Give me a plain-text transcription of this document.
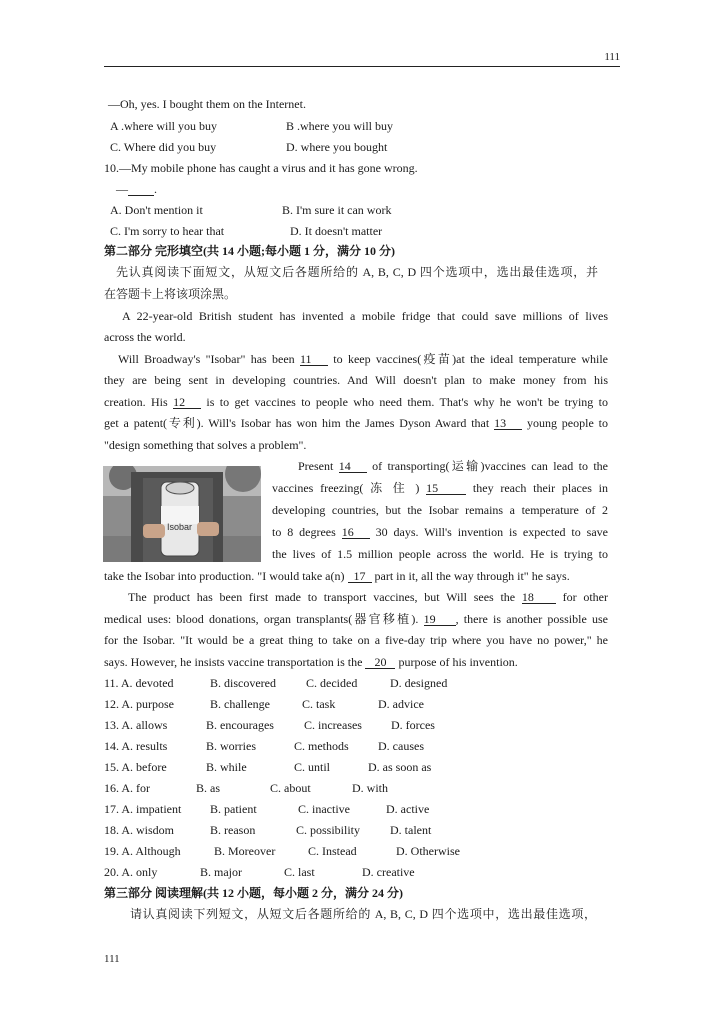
111
—Oh, yes. I bought them on the Internet.
A .where will you buy	B .where you will buy
C. Where did you buy	D. where you bought
10.—My mobile phone has caught a virus and it has gone wrong.
— .
A. Don't mention it	B. I'm sure it can work
C. I'm sorry to hear that	D. It doesn't matter
第二部分 完形填空(共 14 小题;每小题 1 分，满分 10 分)
先认真阅读下面短文，从短文后各题所给的 A, B, C, D 四个选项中，选出最佳选项，并
在答题卡上将该项涂黑。
A 22-year-old British student has invented a mobile fridge that could save millions of lives
across the world.
Will Broadway's "Isobar" has been 11 to keep vaccines(疫苗)at the ideal temperature while
they are being sent in developing countries. And Will doesn't plan to make money from his
creation. His 12 is to get vaccines to people who need them. That's why he won't be trying to
get a patent(专利). Will's Isobar has won him the James Dyson Award that 13 young people to
"design something that solves a problem".
Isobar
Present 14 of transporting(运输)vaccines can lead to the
vaccines freezing( 冻 住 ) 15 they reach their places in
developing countries, but the Isobar remains a temperature of 2
to 8 degrees 16 30 days. Will's invention is expected to save
the lives of 1.5 million people across the world. He is trying to
take the Isobar into production. "I would take a(n) 17 part in it, all the way through it" he says.
The product has been first made to transport vaccines, but Will sees the 18 for other
medical uses: blood donations, organ transplants(器官移植). 19 , there is another possible use
for the Isobar. "It would be a great thing to take on a five-day trip where you have no power," he
says. However, he insists vaccine transportation is the 20 purpose of his invention.
11. A. devoted	B. discovered	C. decided	D. designed
12. A. purpose	B. challenge	C. task	D. advice
13. A. allows	B. encourages	C. increases D. forces
14. A. results	B. worries	C. methods D. causes
15. A. before	B. while	C. until	D. as soon as
16. A. for	B. as	C. about	D. with
17. A. impatient B. patient	C. inactive	D. active
18. A. wisdom	B. reason	C. possibility D. talent
19. A. Although	B. Moreover	C. Instead	D. Otherwise
20. A. only	B. major	C. last	D. creative
第三部分 阅读理解(共 12 小题，每小题 2 分，满分 24 分)
请认真阅读下列短文，从短文后各题所给的 A, B, C, D 四个选项中，选出最佳选项，
111
